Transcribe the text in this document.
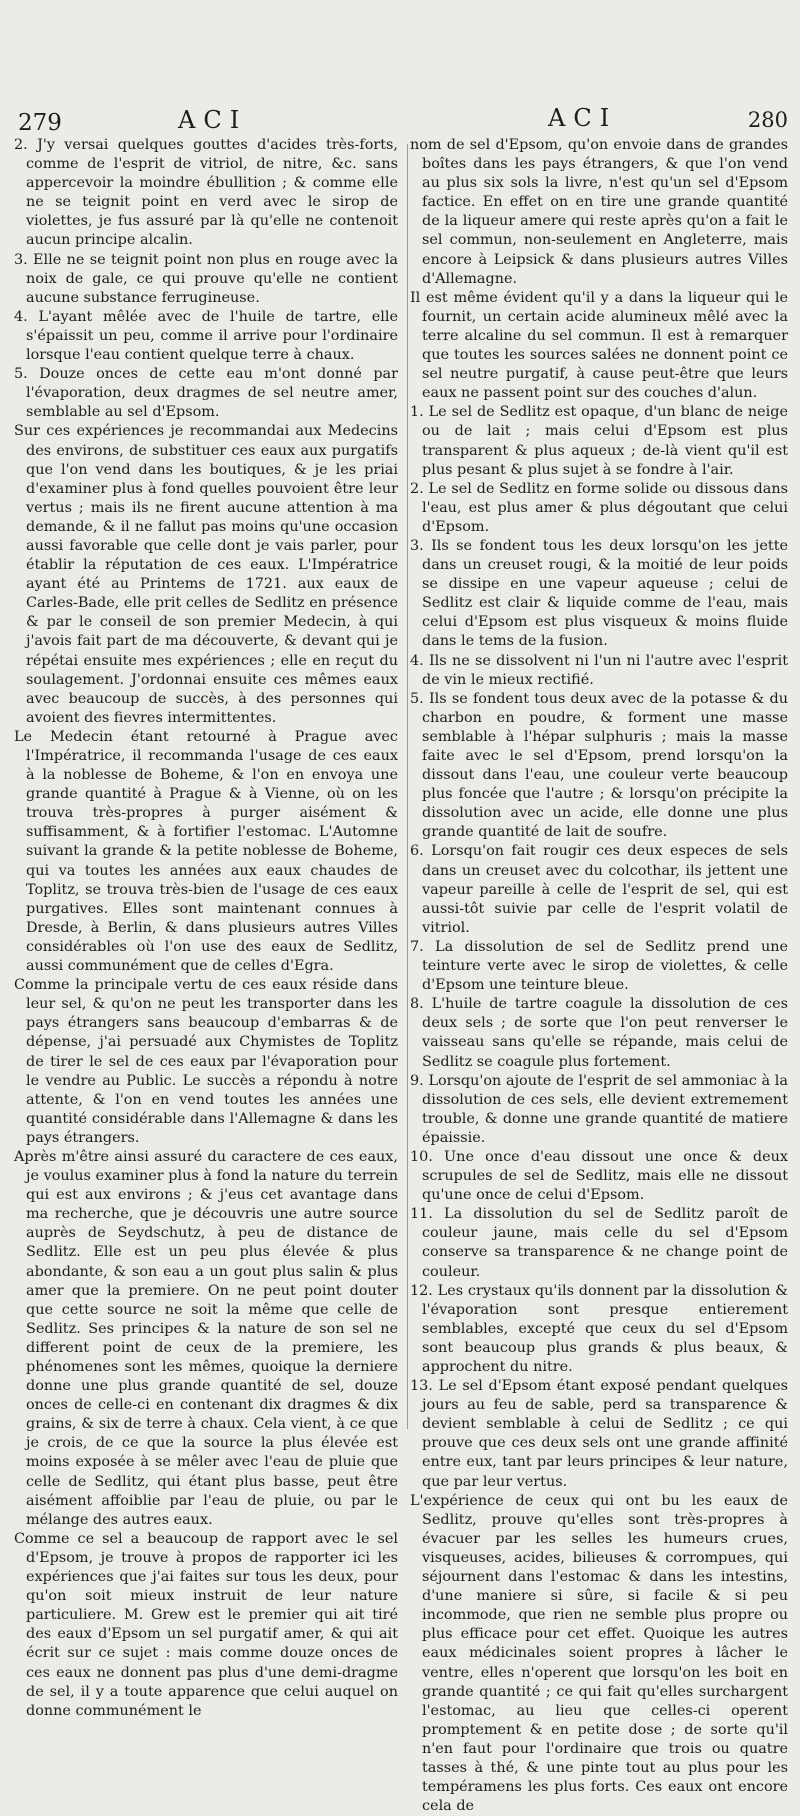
279	ACI	ACI	280

2. J'y versai quelques gouttes d'acides très-forts, comme de l'esprit de vitriol, de nitre, &c. sans appercevoir la moindre ébullition ; & comme elle ne se teignit point en verd avec le sirop de violettes, je fus assuré par là qu'elle ne contenoit aucun principe alcalin.

3. Elle ne se teignit point non plus en rouge avec la noix de gale, ce qui prouve qu'elle ne contient aucune substance ferrugineuse.

4. L'ayant mêlée avec de l'huile de tartre, elle s'épaissit un peu, comme il arrive pour l'ordinaire lorsque l'eau contient quelque terre à chaux.

5. Douze onces de cette eau m'ont donné par l'évaporation, deux dragmes de sel neutre amer, semblable au sel d'Epsom.

Sur ces expériences je recommandai aux Medecins des environs, de substituer ces eaux aux purgatifs que l'on vend dans les boutiques, & je les priai d'examiner plus à fond quelles pouvoient être leur vertus ; mais ils ne firent aucune attention à ma demande, & il ne fallut pas moins qu'une occasion aussi favorable que celle dont je vais parler, pour établir la réputation de ces eaux. L'Impératrice ayant été au Printems de 1721. aux eaux de Carles-Bade, elle prit celles de Sedlitz en présence & par le conseil de son premier Medecin, à qui j'avois fait part de ma découverte, & devant qui je répétai ensuite mes expériences ; elle en reçut du soulagement. J'ordonnai ensuite ces mêmes eaux avec beaucoup de succès, à des personnes qui avoient des fievres intermittentes.

Le Medecin étant retourné à Prague avec l'Impératrice, il recommanda l'usage de ces eaux à la noblesse de Boheme, & l'on en envoya une grande quantité à Prague & à Vienne, où on les trouva très-propres à purger aisément & suffisamment, & à fortifier l'estomac. L'Automne suivant la grande & la petite noblesse de Boheme, qui va toutes les années aux eaux chaudes de Toplitz, se trouva très-bien de l'usage de ces eaux purgatives. Elles sont maintenant connues à Dresde, à Berlin, & dans plusieurs autres Villes considérables où l'on use des eaux de Sedlitz, aussi communément que de celles d'Egra.

Comme la principale vertu de ces eaux réside dans leur sel, & qu'on ne peut les transporter dans les pays étrangers sans beaucoup d'embarras & de dépense, j'ai persuadé aux Chymistes de Toplitz de tirer le sel de ces eaux par l'évaporation pour le vendre au Public. Le succès a répondu à notre attente, & l'on en vend toutes les années une quantité considérable dans l'Allemagne & dans les pays étrangers.

Après m'être ainsi assuré du caractere de ces eaux, je voulus examiner plus à fond la nature du terrein qui est aux environs ; & j'eus cet avantage dans ma recherche, que je découvris une autre source auprès de Seydschutz, à peu de distance de Sedlitz. Elle est un peu plus élevée & plus abondante, & son eau a un gout plus salin & plus amer que la premiere. On ne peut point douter que cette source ne soit la même que celle de Sedlitz. Ses principes & la nature de son sel ne different point de ceux de la premiere, les phénomenes sont les mêmes, quoique la derniere donne une plus grande quantité de sel, douze onces de celle-ci en contenant dix dragmes & dix grains, & six de terre à chaux. Cela vient, à ce que je crois, de ce que la source la plus élevée est moins exposée à se mêler avec l'eau de pluie que celle de Sedlitz, qui étant plus basse, peut être aisément affoiblie par l'eau de pluie, ou par le mélange des autres eaux.

Comme ce sel a beaucoup de rapport avec le sel d'Epsom, je trouve à propos de rapporter ici les expériences que j'ai faites sur tous les deux, pour qu'on soit mieux instruit de leur nature particuliere. M. Grew est le premier qui ait tiré des eaux d'Epsom un sel purgatif amer, & qui ait écrit sur ce sujet : mais comme douze onces de ces eaux ne donnent pas plus d'une demi-dragme de sel, il y a toute apparence que celui auquel on donne communément le

nom de sel d'Epsom, qu'on envoie dans de grandes boîtes dans les pays étrangers, & que l'on vend au plus six sols la livre, n'est qu'un sel d'Epsom factice. En effet on en tire une grande quantité de la liqueur amere qui reste après qu'on a fait le sel commun, non-seulement en Angleterre, mais encore à Leipsick & dans plusieurs autres Villes d'Allemagne.

Il est même évident qu'il y a dans la liqueur qui le fournit, un certain acide alumineux mêlé avec la terre alcaline du sel commun. Il est à remarquer que toutes les sources salées ne donnent point ce sel neutre purgatif, à cause peut-être que leurs eaux ne passent point sur des couches d'alun.

1. Le sel de Sedlitz est opaque, d'un blanc de neige ou de lait ; mais celui d'Epsom est plus transparent & plus aqueux ; de-là vient qu'il est plus pesant & plus sujet à se fondre à l'air.

2. Le sel de Sedlitz en forme solide ou dissous dans l'eau, est plus amer & plus dégoutant que celui d'Epsom.

3. Ils se fondent tous les deux lorsqu'on les jette dans un creuset rougi, & la moitié de leur poids se dissipe en une vapeur aqueuse ; celui de Sedlitz est clair & liquide comme de l'eau, mais celui d'Epsom est plus visqueux & moins fluide dans le tems de la fusion.

4. Ils ne se dissolvent ni l'un ni l'autre avec l'esprit de vin le mieux rectifié.

5. Ils se fondent tous deux avec de la potasse & du charbon en poudre, & forment une masse semblable à l'hépar sulphuris ; mais la masse faite avec le sel d'Epsom, prend lorsqu'on la dissout dans l'eau, une couleur verte beaucoup plus foncée que l'autre ; & lorsqu'on précipite la dissolution avec un acide, elle donne une plus grande quantité de lait de soufre.

6. Lorsqu'on fait rougir ces deux especes de sels dans un creuset avec du colcothar, ils jettent une vapeur pareille à celle de l'esprit de sel, qui est aussi-tôt suivie par celle de l'esprit volatil de vitriol.

7. La dissolution de sel de Sedlitz prend une teinture verte avec le sirop de violettes, & celle d'Epsom une teinture bleue.

8. L'huile de tartre coagule la dissolution de ces deux sels ; de sorte que l'on peut renverser le vaisseau sans qu'elle se répande, mais celui de Sedlitz se coagule plus fortement.

9. Lorsqu'on ajoute de l'esprit de sel ammoniac à la dissolution de ces sels, elle devient extremement trouble, & donne une grande quantité de matiere épaissie.

10. Une once d'eau dissout une once & deux scrupules de sel de Sedlitz, mais elle ne dissout qu'une once de celui d'Epsom.

11. La dissolution du sel de Sedlitz paroît de couleur jaune, mais celle du sel d'Epsom conserve sa transparence & ne change point de couleur.

12. Les crystaux qu'ils donnent par la dissolution & l'évaporation sont presque entierement semblables, excepté que ceux du sel d'Epsom sont beaucoup plus grands & plus beaux, & approchent du nitre.

13. Le sel d'Epsom étant exposé pendant quelques jours au feu de sable, perd sa transparence & devient semblable à celui de Sedlitz ; ce qui prouve que ces deux sels ont une grande affinité entre eux, tant par leurs principes & leur nature, que par leur vertus.

L'expérience de ceux qui ont bu les eaux de Sedlitz, prouve qu'elles sont très-propres à évacuer par les selles les humeurs crues, visqueuses, acides, bilieuses & corrompues, qui séjournent dans l'estomac & dans les intestins, d'une maniere si sûre, si facile & si peu incommode, que rien ne semble plus propre ou plus efficace pour cet effet. Quoique les autres eaux médicinales soient propres à lâcher le ventre, elles n'operent que lorsqu'on les boit en grande quantité ; ce qui fait qu'elles surchargent l'estomac, au lieu que celles-ci operent promptement & en petite dose ; de sorte qu'il n'en faut pour l'ordinaire que trois ou quatre tasses à thé, & une pinte tout au plus pour les tempéramens les plus forts. Ces eaux ont encore cela de
